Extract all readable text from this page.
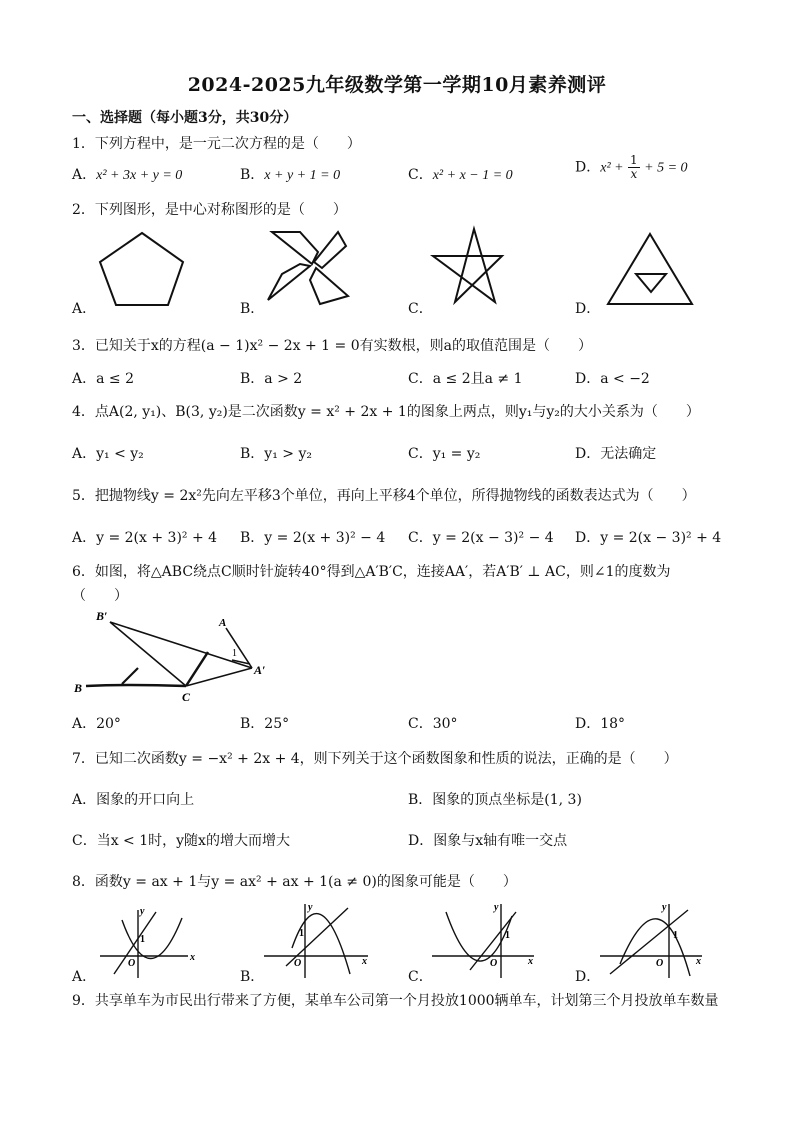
2024-2025九年级数学第一学期10月素养测评
一、选择题（每小题3分，共30分）
1．下列方程中，是一元二次方程的是（　　）
A．x² + 3x + y = 0	B．x + y + 1 = 0	C．x² + x − 1 = 0	D．$x^2 + \frac{1}{x} + 5 = 0$
2．下列图形，是中心对称图形的是（　　）
A．	B．	C．	D．
3．已知关于x的方程(a − 1)x² − 2x + 1 = 0有实数根，则a的取值范围是（　　）
A．a ≤ 2	B．a > 2	C．a ≤ 2且a ≠ 1	D．a < −2
4．点A(2, y₁)、B(3, y₂)是二次函数y = x² + 2x + 1的图象上两点，则y₁与y₂的大小关系为（　　）
A．y₁ < y₂	B．y₁ > y₂	C．y₁ = y₂	D．无法确定
5．把抛物线y = 2x²先向左平移3个单位，再向上平移4个单位，所得抛物线的函数表达式为（　　）
A．y = 2(x + 3)² + 4 B．y = 2(x + 3)² − 4 C．y = 2(x − 3)² − 4 D．y = 2(x − 3)² + 4
6．如图，将△ABC绕点C顺时针旋转40°得到△A′B′C，连接AA′，若A′B′ ⊥ AC，则∠1的度数为
（　　）
B′	A
A′
B
C
1
A．20°	B．25°	C．30°	D．18°
7．已知二次函数y = −x² + 2x + 4，则下列关于这个函数图象和性质的说法，正确的是（　　）
A．图象的开口向上	B．图象的顶点坐标是(1, 3)
C．当x < 1时，y随x的增大而增大	D．图象与x轴有唯一交点
8．函数y = ax + 1与y = ax² + ax + 1(a ≠ 0)的图象可能是（　　）
x
y
O
1
x
y
O
1
x
y
O
1
x
y
O
1
A．	B．	C．	D．
9．共享单车为市民出行带来了方便，某单车公司第一个月投放1000辆单车，计划第三个月投放单车数量
